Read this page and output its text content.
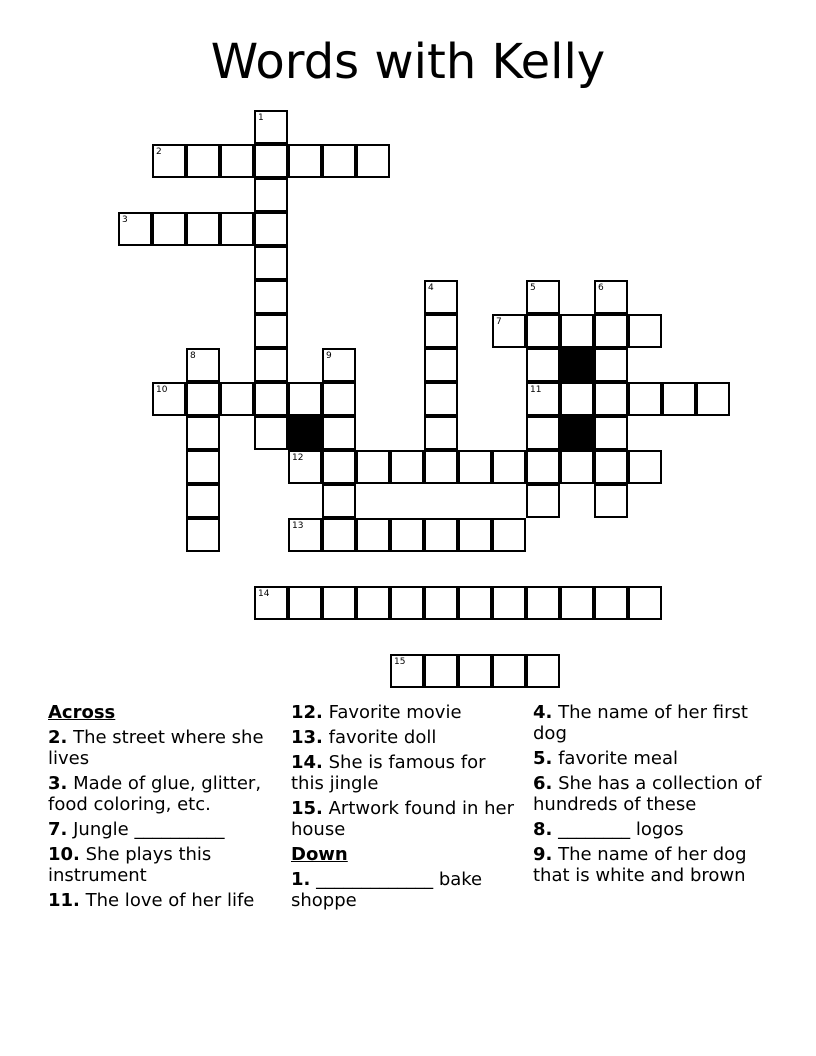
Words with Kelly
1
2
3
4	5	6
7
8	9
10	11
12
13
14
15
Across
2. The street where she lives
3. Made of glue, glitter, food coloring, etc.
7. Jungle __________
10. She plays this instrument
11. The love of her life
12. Favorite movie
13. favorite doll
14. She is famous for this jingle
15. Artwork found in her house
Down
1. _____________ bake shoppe
4. The name of her first dog
5. favorite meal
6. She has a collection of hundreds of these
8. ________ logos
9. The name of her dog that is white and brown
